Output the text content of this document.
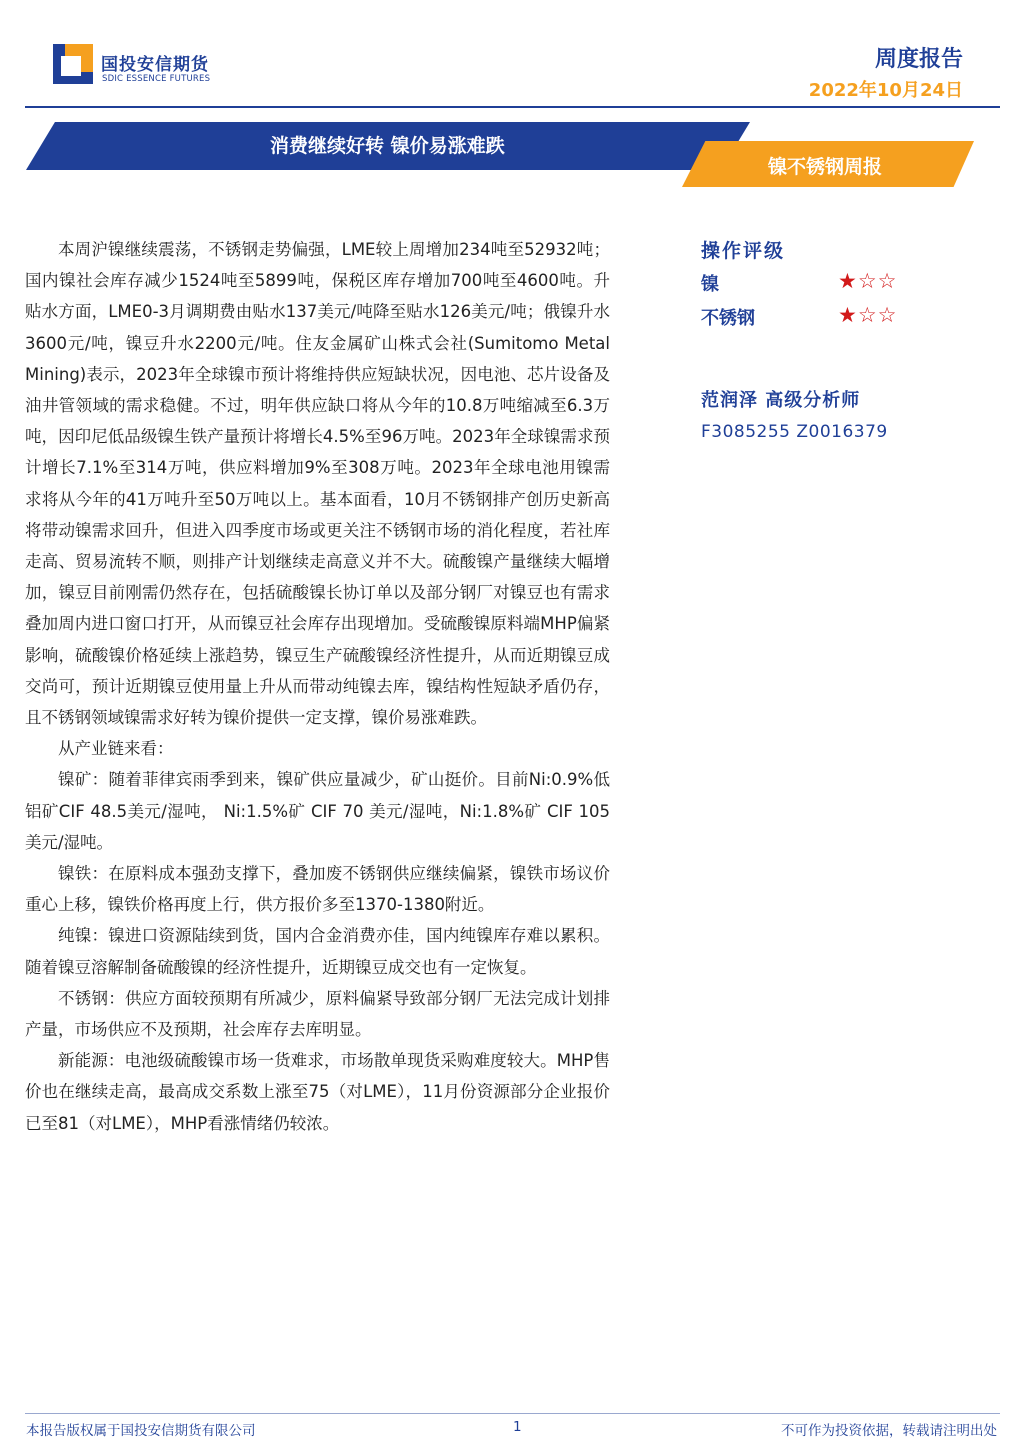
国投安信期货
SDIC ESSENCE FUTURES
周度报告
2022年10月24日
消费继续好转 镍价易涨难跌
镍不锈钢周报

本周沪镍继续震荡，不锈钢走势偏强，LME较上周增加234吨至52932吨；国内镍社会库存减少1524吨至5899吨，保税区库存增加700吨至4600吨。升贴水方面，LME0-3月调期费由贴水137美元/吨降至贴水126美元/吨；俄镍升水3600元/吨，镍豆升水2200元/吨。住友金属矿山株式会社(Sumitomo Metal Mining)表示，2023年全球镍市预计将维持供应短缺状况，因电池、芯片设备及油井管领域的需求稳健。不过，明年供应缺口将从今年的10.8万吨缩减至6.3万吨，因印尼低品级镍生铁产量预计将增长4.5%至96万吨。2023年全球镍需求预计增长7.1%至314万吨，供应料增加9%至308万吨。2023年全球电池用镍需求将从今年的41万吨升至50万吨以上。基本面看，10月不锈钢排产创历史新高将带动镍需求回升，但进入四季度市场或更关注不锈钢市场的消化程度，若社库走高、贸易流转不顺，则排产计划继续走高意义并不大。硫酸镍产量继续大幅增加，镍豆目前刚需仍然存在，包括硫酸镍长协订单以及部分钢厂对镍豆也有需求叠加周内进口窗口打开，从而镍豆社会库存出现增加。受硫酸镍原料端MHP偏紧影响，硫酸镍价格延续上涨趋势，镍豆生产硫酸镍经济性提升，从而近期镍豆成交尚可，预计近期镍豆使用量上升从而带动纯镍去库，镍结构性短缺矛盾仍存，且不锈钢领域镍需求好转为镍价提供一定支撑，镍价易涨难跌。

从产业链来看：

镍矿：随着菲律宾雨季到来，镍矿供应量减少，矿山挺价。目前Ni:0.9%低铝矿CIF 48.5美元/湿吨， Ni:1.5%矿 CIF 70 美元/湿吨，Ni:1.8%矿 CIF 105美元/湿吨。

镍铁：在原料成本强劲支撑下，叠加废不锈钢供应继续偏紧，镍铁市场议价重心上移，镍铁价格再度上行，供方报价多至1370-1380附近。

纯镍：镍进口资源陆续到货，国内合金消费亦佳，国内纯镍库存难以累积。随着镍豆溶解制备硫酸镍的经济性提升，近期镍豆成交也有一定恢复。

不锈钢：供应方面较预期有所减少，原料偏紧导致部分钢厂无法完成计划排产量，市场供应不及预期，社会库存去库明显。

新能源：电池级硫酸镍市场一货难求，市场散单现货采购难度较大。MHP售价也在继续走高，最高成交系数上涨至75（对LME），11月份资源部分企业报价已至81（对LME），MHP看涨情绪仍较浓。

操作评级
镍	★☆☆
不锈钢	★☆☆
范润泽 高级分析师
F3085255 Z0016379
本报告版权属于国投安信期货有限公司	1	不可作为投资依据，转载请注明出处
